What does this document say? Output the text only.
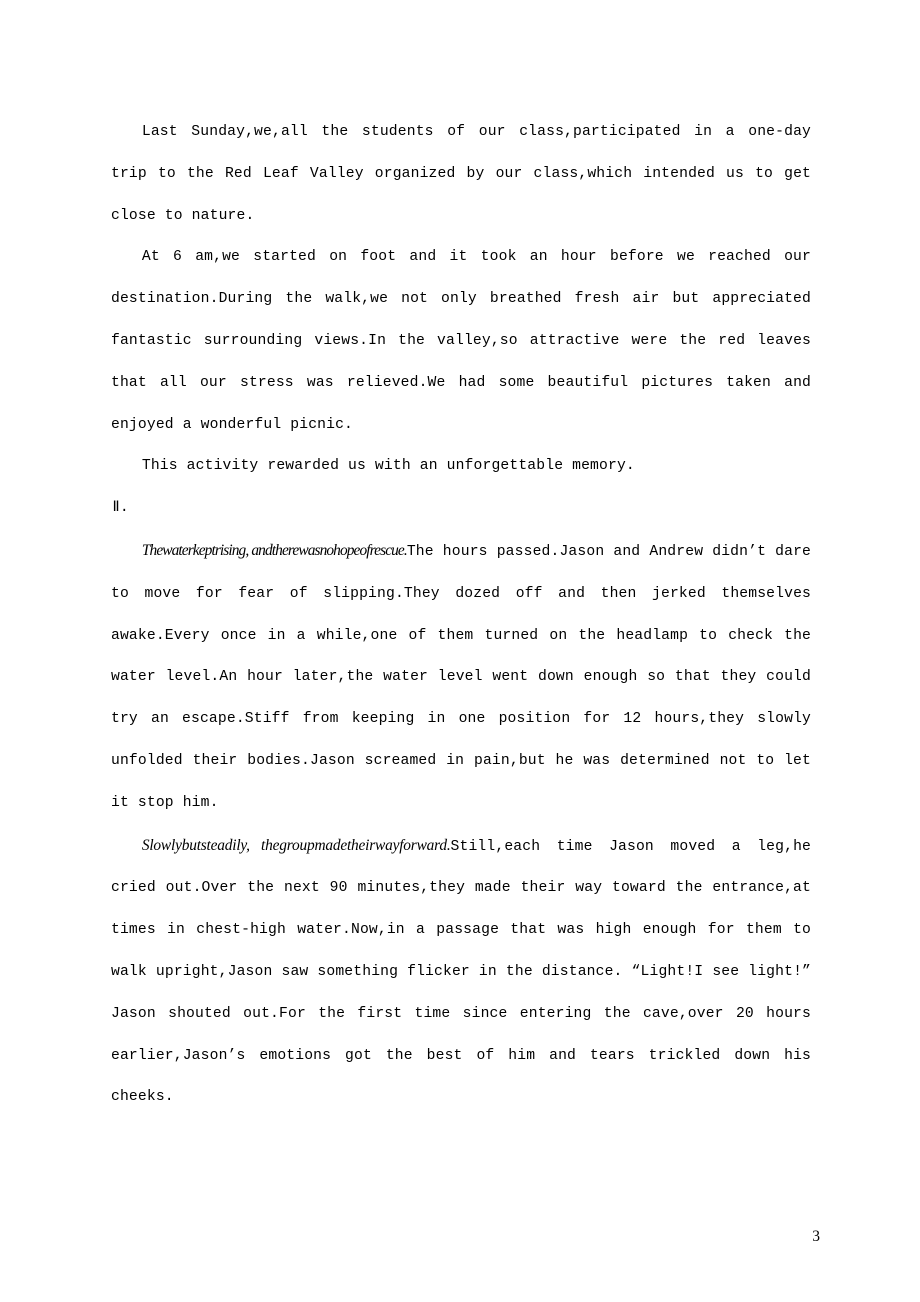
Last Sunday,we,all the students of our class,participated in a one-day trip to the Red Leaf Valley organized by our class,which intended us to get close to nature.

At 6 am,we started on foot and it took an hour before we reached our destination.During the walk,we not only breathed fresh air but appreciated fantastic surrounding views.In the valley,so attractive were the red leaves that all our stress was relieved.We had some beautiful pictures taken and enjoyed a wonderful picnic.

This activity rewarded us with an unforgettable memory.

Ⅱ.

Thewaterkeptrising, andtherewasnohopeofrescue.The hours passed.Jason and Andrew didn’t dare to move for fear of slipping.They dozed off and then jerked themselves awake.Every once in a while,one of them turned on the headlamp to check the water level.An hour later,the water level went down enough so that they could try an escape.Stiff from keeping in one position for 12 hours,they slowly unfolded their bodies.Jason screamed in pain,but he was determined not to let it stop him.

Slowlybutsteadily, thegroupmadetheirwayforward.Still,each time Jason moved a leg,he cried out.Over the next 90 minutes,they made their way toward the entrance,at times in chest-high water.Now,in a passage that was high enough for them to walk upright,Jason saw something flicker in the distance. “Light!I see light!” Jason shouted out.For the first time since entering the cave,over 20 hours earlier,Jason’s emotions got the best of him and tears trickled down his cheeks.

3
